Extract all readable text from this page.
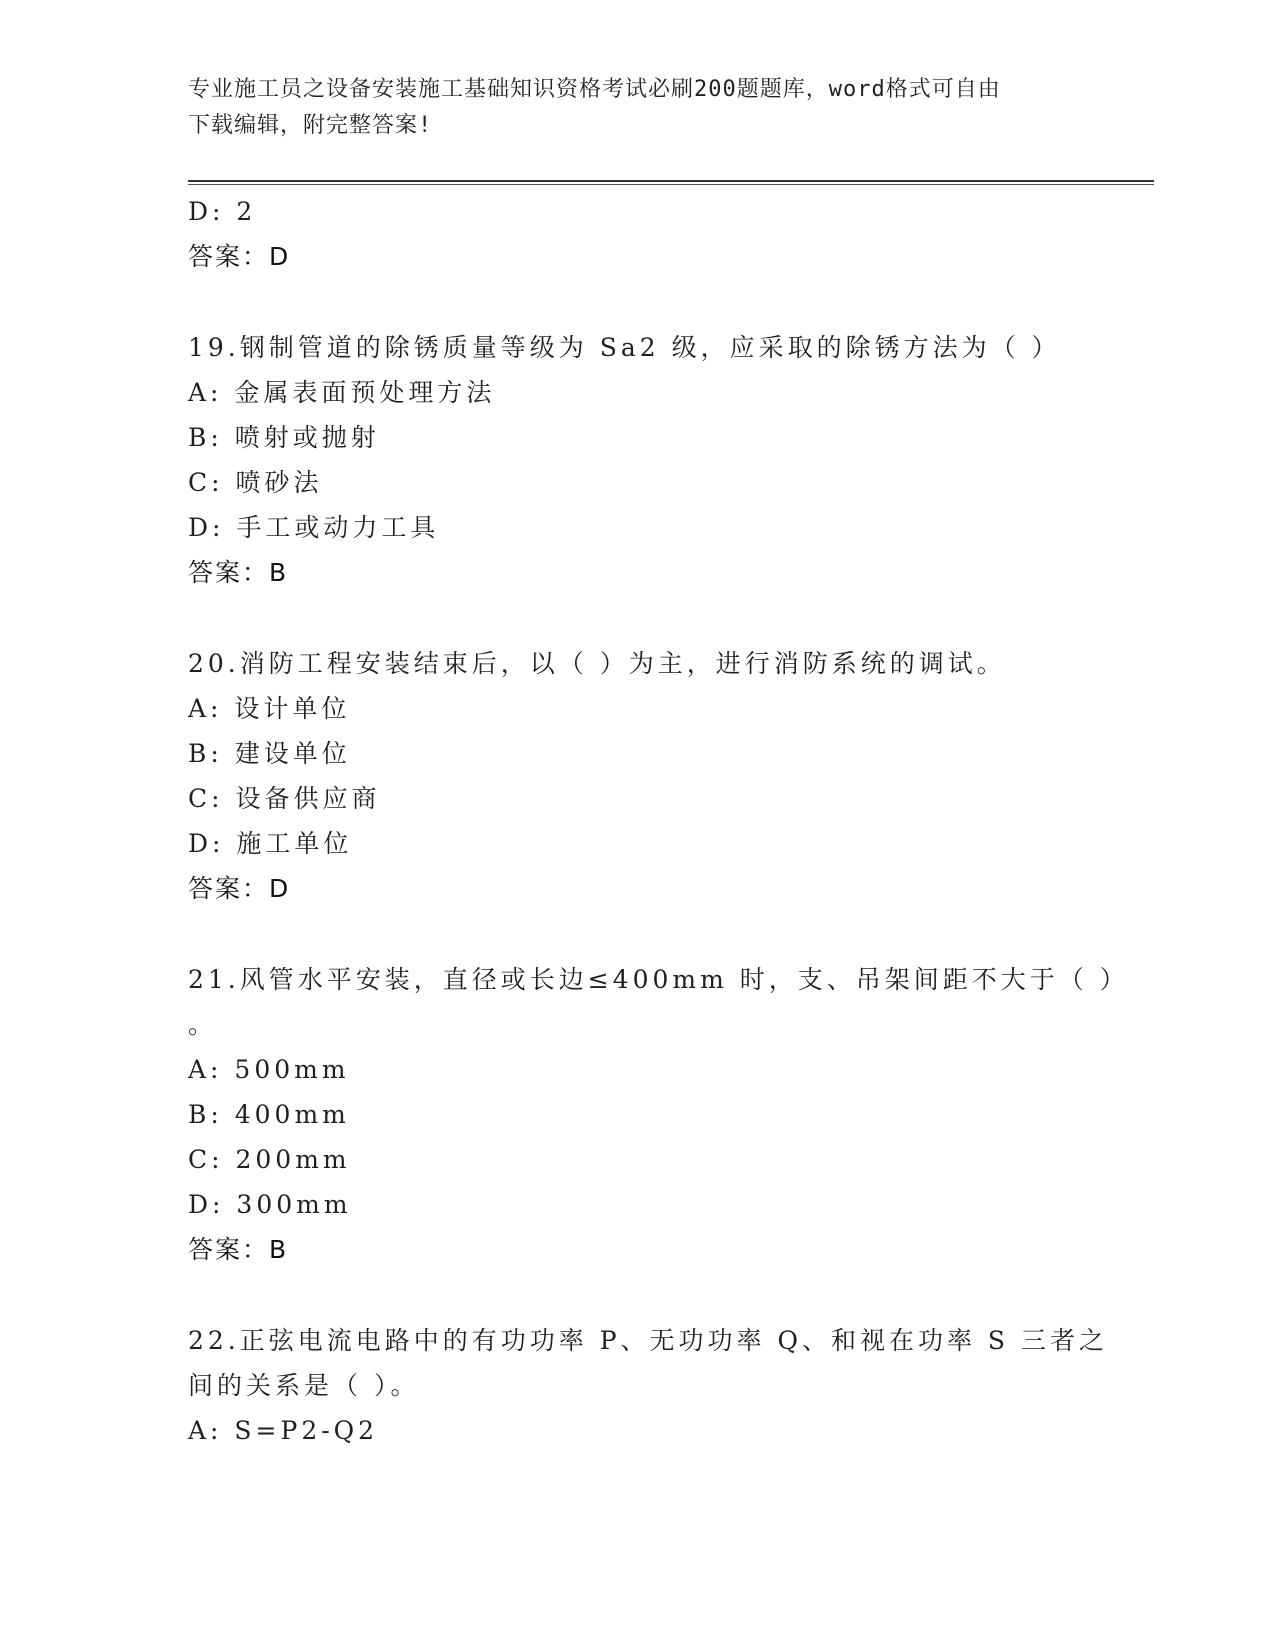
专业施工员之设备安装施工基础知识资格考试必刷200题题库，word格式可自由
下载编辑，附完整答案!
D: 2
答案：D
19.钢制管道的除锈质量等级为 Sa2 级，应采取的除锈方法为（ ）
A: 金属表面预处理方法
B: 喷射或抛射
C: 喷砂法
D: 手工或动力工具
答案：B
20.消防工程安装结束后，以（ ）为主，进行消防系统的调试。
A: 设计单位
B: 建设单位
C: 设备供应商
D: 施工单位
答案：D
21.风管水平安装，直径或长边≤400mm 时，支、吊架间距不大于（ ）
。
A: 500mm
B: 400mm
C: 200mm
D: 300mm
答案：B
22.正弦电流电路中的有功功率 P、无功功率 Q、和视在功率 S 三者之
间的关系是（ ）。
A: S=P2-Q2
